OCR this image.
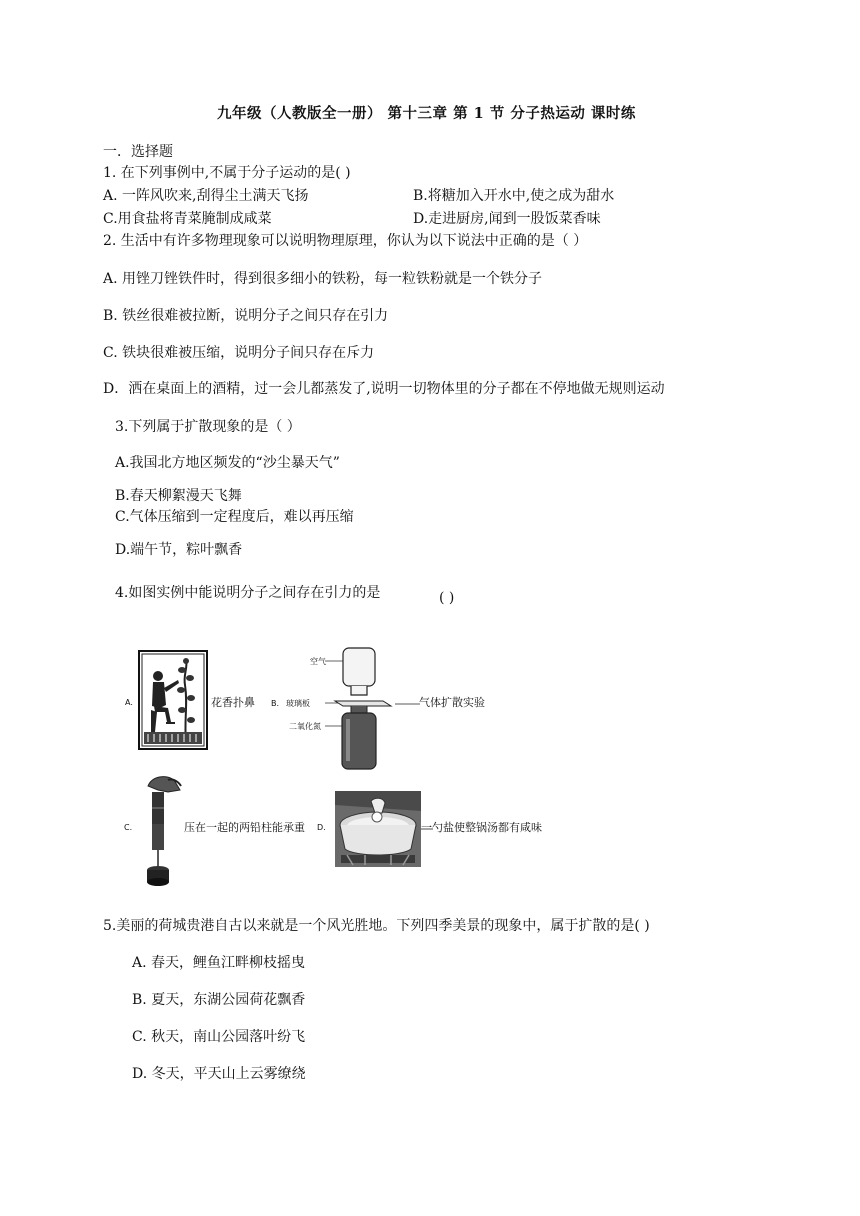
九年级（人教版全一册） 第十三章 第 1 节 分子热运动 课时练
一．选择题
1. 在下列事例中,不属于分子运动的是( )
A. 一阵风吹来,刮得尘土满天飞扬	B.将糖加入开水中,使之成为甜水
C.用食盐将青菜腌制成咸菜	D.走进厨房,闻到一股饭菜香味
2. 生活中有许多物理现象可以说明物理原理，你认为以下说法中正确的是（ ）
A. 用锉刀锉铁件时，得到很多细小的铁粉，每一粒铁粉就是一个铁分子
B. 铁丝很难被拉断，说明分子之间只存在引力
C. 铁块很难被压缩，说明分子间只存在斥力
D．洒在桌面上的酒精，过一会儿都蒸发了,说明一切物体里的分子都在不停地做无规则运动
3.下列属于扩散现象的是（ ）
A.我国北方地区频发的“沙尘暴天气”
B.春天柳絮漫天飞舞
C.气体压缩到一定程度后，难以再压缩
D.端午节，粽叶飘香
4.如图实例中能说明分子之间存在引力的是	( )
A.	花香扑鼻 B.
空气
玻璃板
二氧化氮
气体扩散实验
C.	压在一起的两铅柱能承重 D.	一勺盐使整锅汤都有咸味
5.美丽的荷城贵港自古以来就是一个风光胜地。下列四季美景的现象中，属于扩散的是( )
A. 春天，鲤鱼江畔柳枝摇曳
B. 夏天，东湖公园荷花飘香
C. 秋天，南山公园落叶纷飞
D. 冬天，平天山上云雾缭绕
